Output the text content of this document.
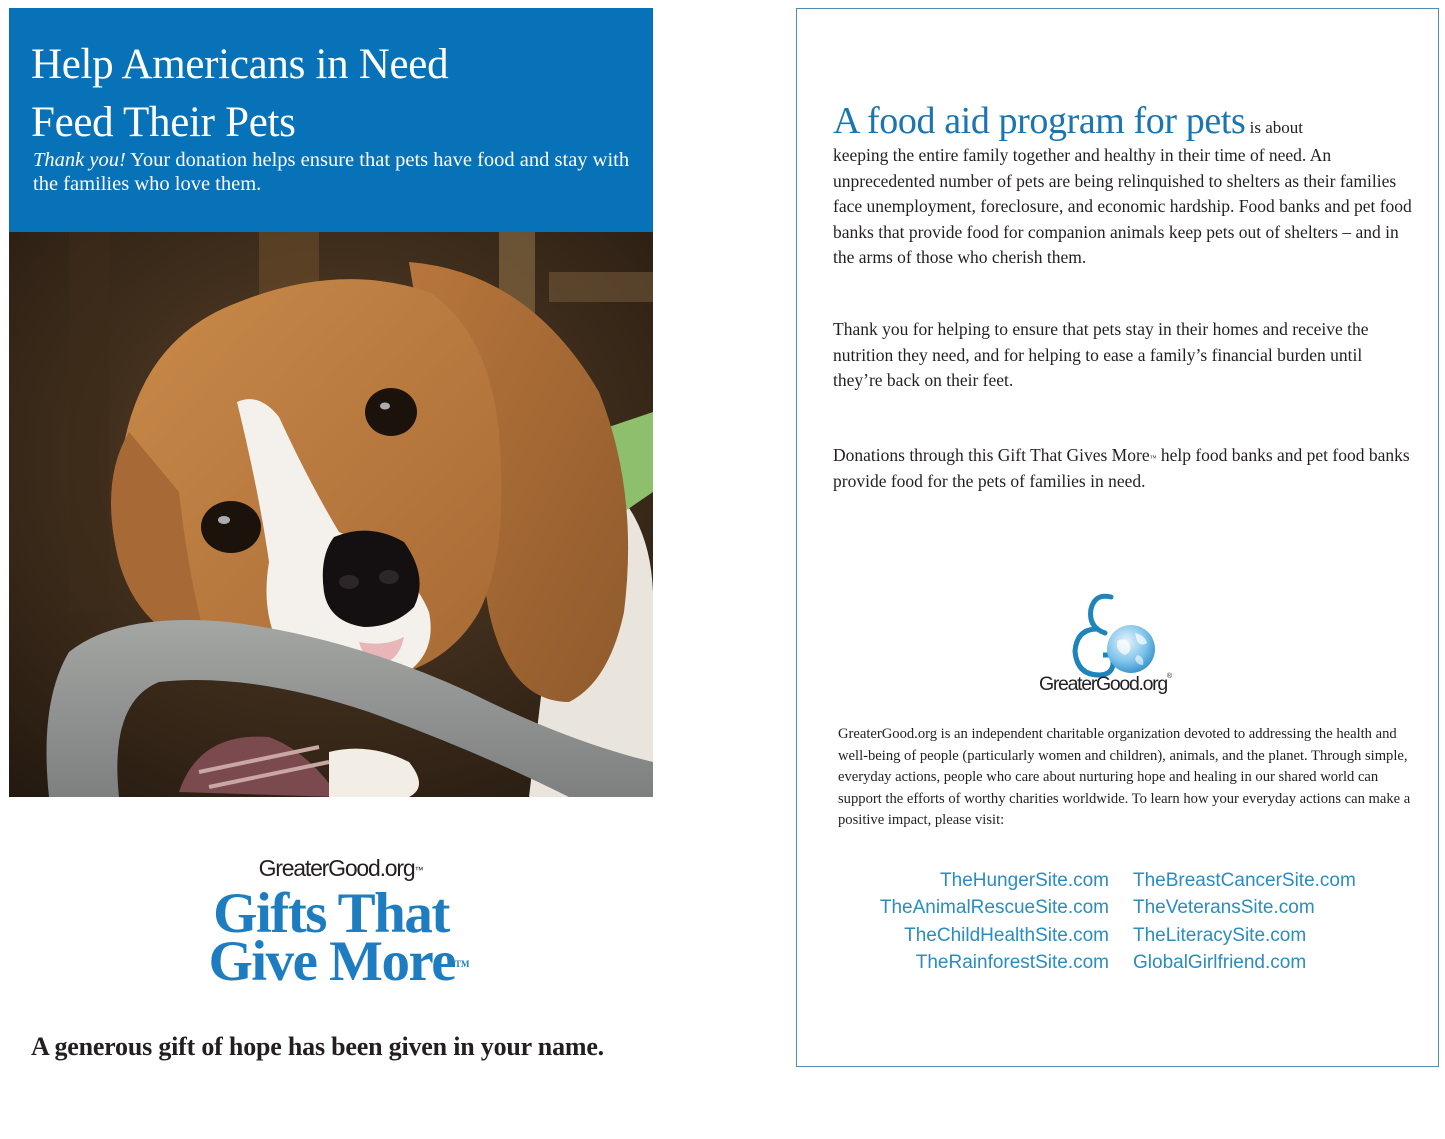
Help Americans in Need
Feed Their Pets
Thank you! Your donation helps ensure that pets have food and stay with the families who love them.
GreaterGood.org™
Gifts That
Give More™

A generous gift of hope has been given in your name.

A food aid program for pets is about
keeping the entire family together and healthy in their time of need. An unprecedented number of pets are being relinquished to shelters as their families face unemployment, foreclosure, and economic hardship. Food banks and pet food banks that provide food for companion animals keep pets out of shelters – and in the arms of those who cherish them.
Thank you for helping to ensure that pets stay in their homes and receive the nutrition they need, and for helping to ease a family’s financial burden until they’re back on their feet.
Donations through this Gift That Gives More™ help food banks and pet food banks provide food for the pets of families in need.
GreaterGood.org®
GreaterGood.org is an independent charitable organization devoted to addressing the health and well-being of people (particularly women and children), animals, and the planet. Through simple, everyday actions, people who care about nurturing hope and healing in our shared world can support the efforts of worthy charities worldwide. To learn how your everyday actions can make a positive impact, please visit:
TheHungerSite.com
TheAnimalRescueSite.com
TheChildHealthSite.com
TheRainforestSite.com
TheBreastCancerSite.com
TheVeteransSite.com
TheLiteracySite.com
GlobalGirlfriend.com
